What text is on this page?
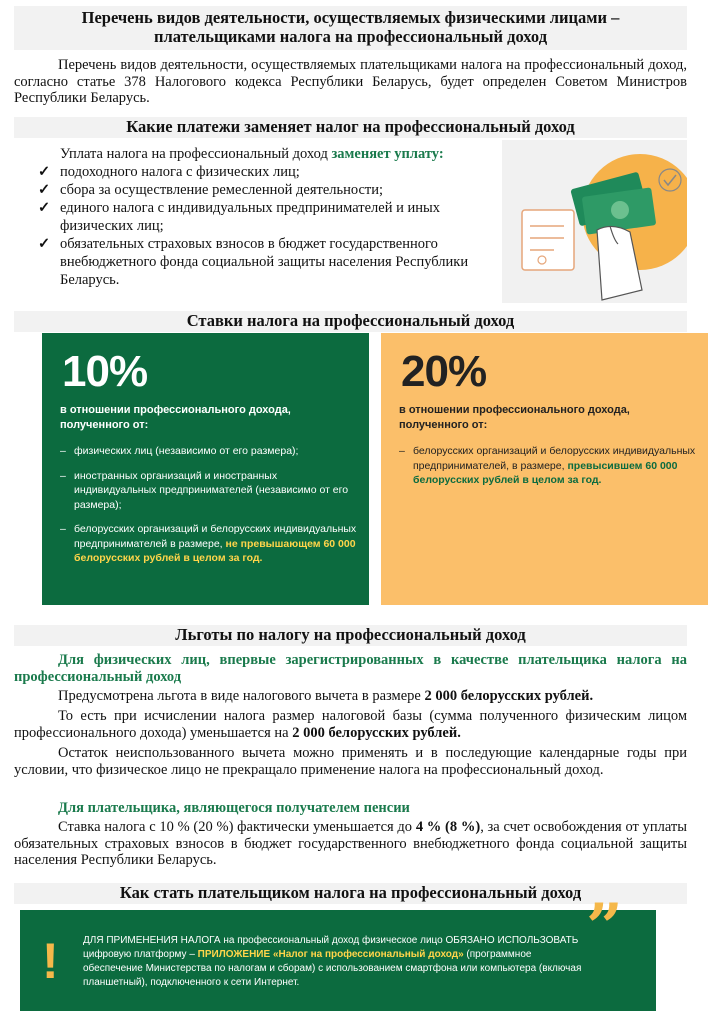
Перечень видов деятельности, осуществляемых физическими лицами –
плательщиками налога на профессиональный доход
Перечень видов деятельности, осуществляемых плательщиками налога на профессиональный доход, согласно статье 378 Налогового кодекса Республики Беларусь, будет определен Советом Министров Республики Беларусь.
Какие платежи заменяет налог на профессиональный доход
Уплата налога на профессиональный доход заменяет уплату:
✓ подоходного налога с физических лиц;
✓ сбора за осуществление ремесленной деятельности;
✓ единого налога с индивидуальных предпринимателей и иных физических лиц;
✓ обязательных страховых взносов в бюджет государственного внебюджетного фонда социальной защиты населения Республики Беларусь.
Ставки налога на профессиональный доход
10%
в отношении профессионального дохода, полученного от:
– физических лиц (независимо от его размера);
– иностранных организаций и иностранных индивидуальных предпринимателей (независимо от его размера);
– белорусских организаций и белорусских индивидуальных предпринимателей в размере, не превышающем 60 000 белорусских рублей в целом за год.
20%
в отношении профессионального дохода, полученного от:
– белорусских организаций и белорусских индивидуальных предпринимателей, в размере, превысившем 60 000 белорусских рублей в целом за год.
Льготы по налогу на профессиональный доход
Для физических лиц, впервые зарегистрированных в качестве плательщика налога на профессиональный доход
Предусмотрена льгота в виде налогового вычета в размере 2 000 белорусских рублей.
То есть при исчислении налога размер налоговой базы (сумма полученного физическим лицом профессионального дохода) уменьшается на 2 000 белорусских рублей.
Остаток неиспользованного вычета можно применять и в последующие календарные годы при условии, что физическое лицо не прекращало применение налога на профессиональный доход.
Для плательщика, являющегося получателем пенсии
Ставка налога с 10 % (20 %) фактически уменьшается до 4 % (8 %), за счет освобождения от уплаты обязательных страховых взносов в бюджет государственного внебюджетного фонда социальной защиты населения Республики Беларусь.
Как стать плательщиком налога на профессиональный доход
!	”
ДЛЯ ПРИМЕНЕНИЯ НАЛОГА на профессиональный доход физическое лицо ОБЯЗАНО ИСПОЛЬЗОВАТЬ цифровую платформу – ПРИЛОЖЕНИЕ «Налог на профессиональный доход» (программное обеспечение Министерства по налогам и сборам) с использованием смартфона или компьютера (включая планшетный), подключенного к сети Интернет.
